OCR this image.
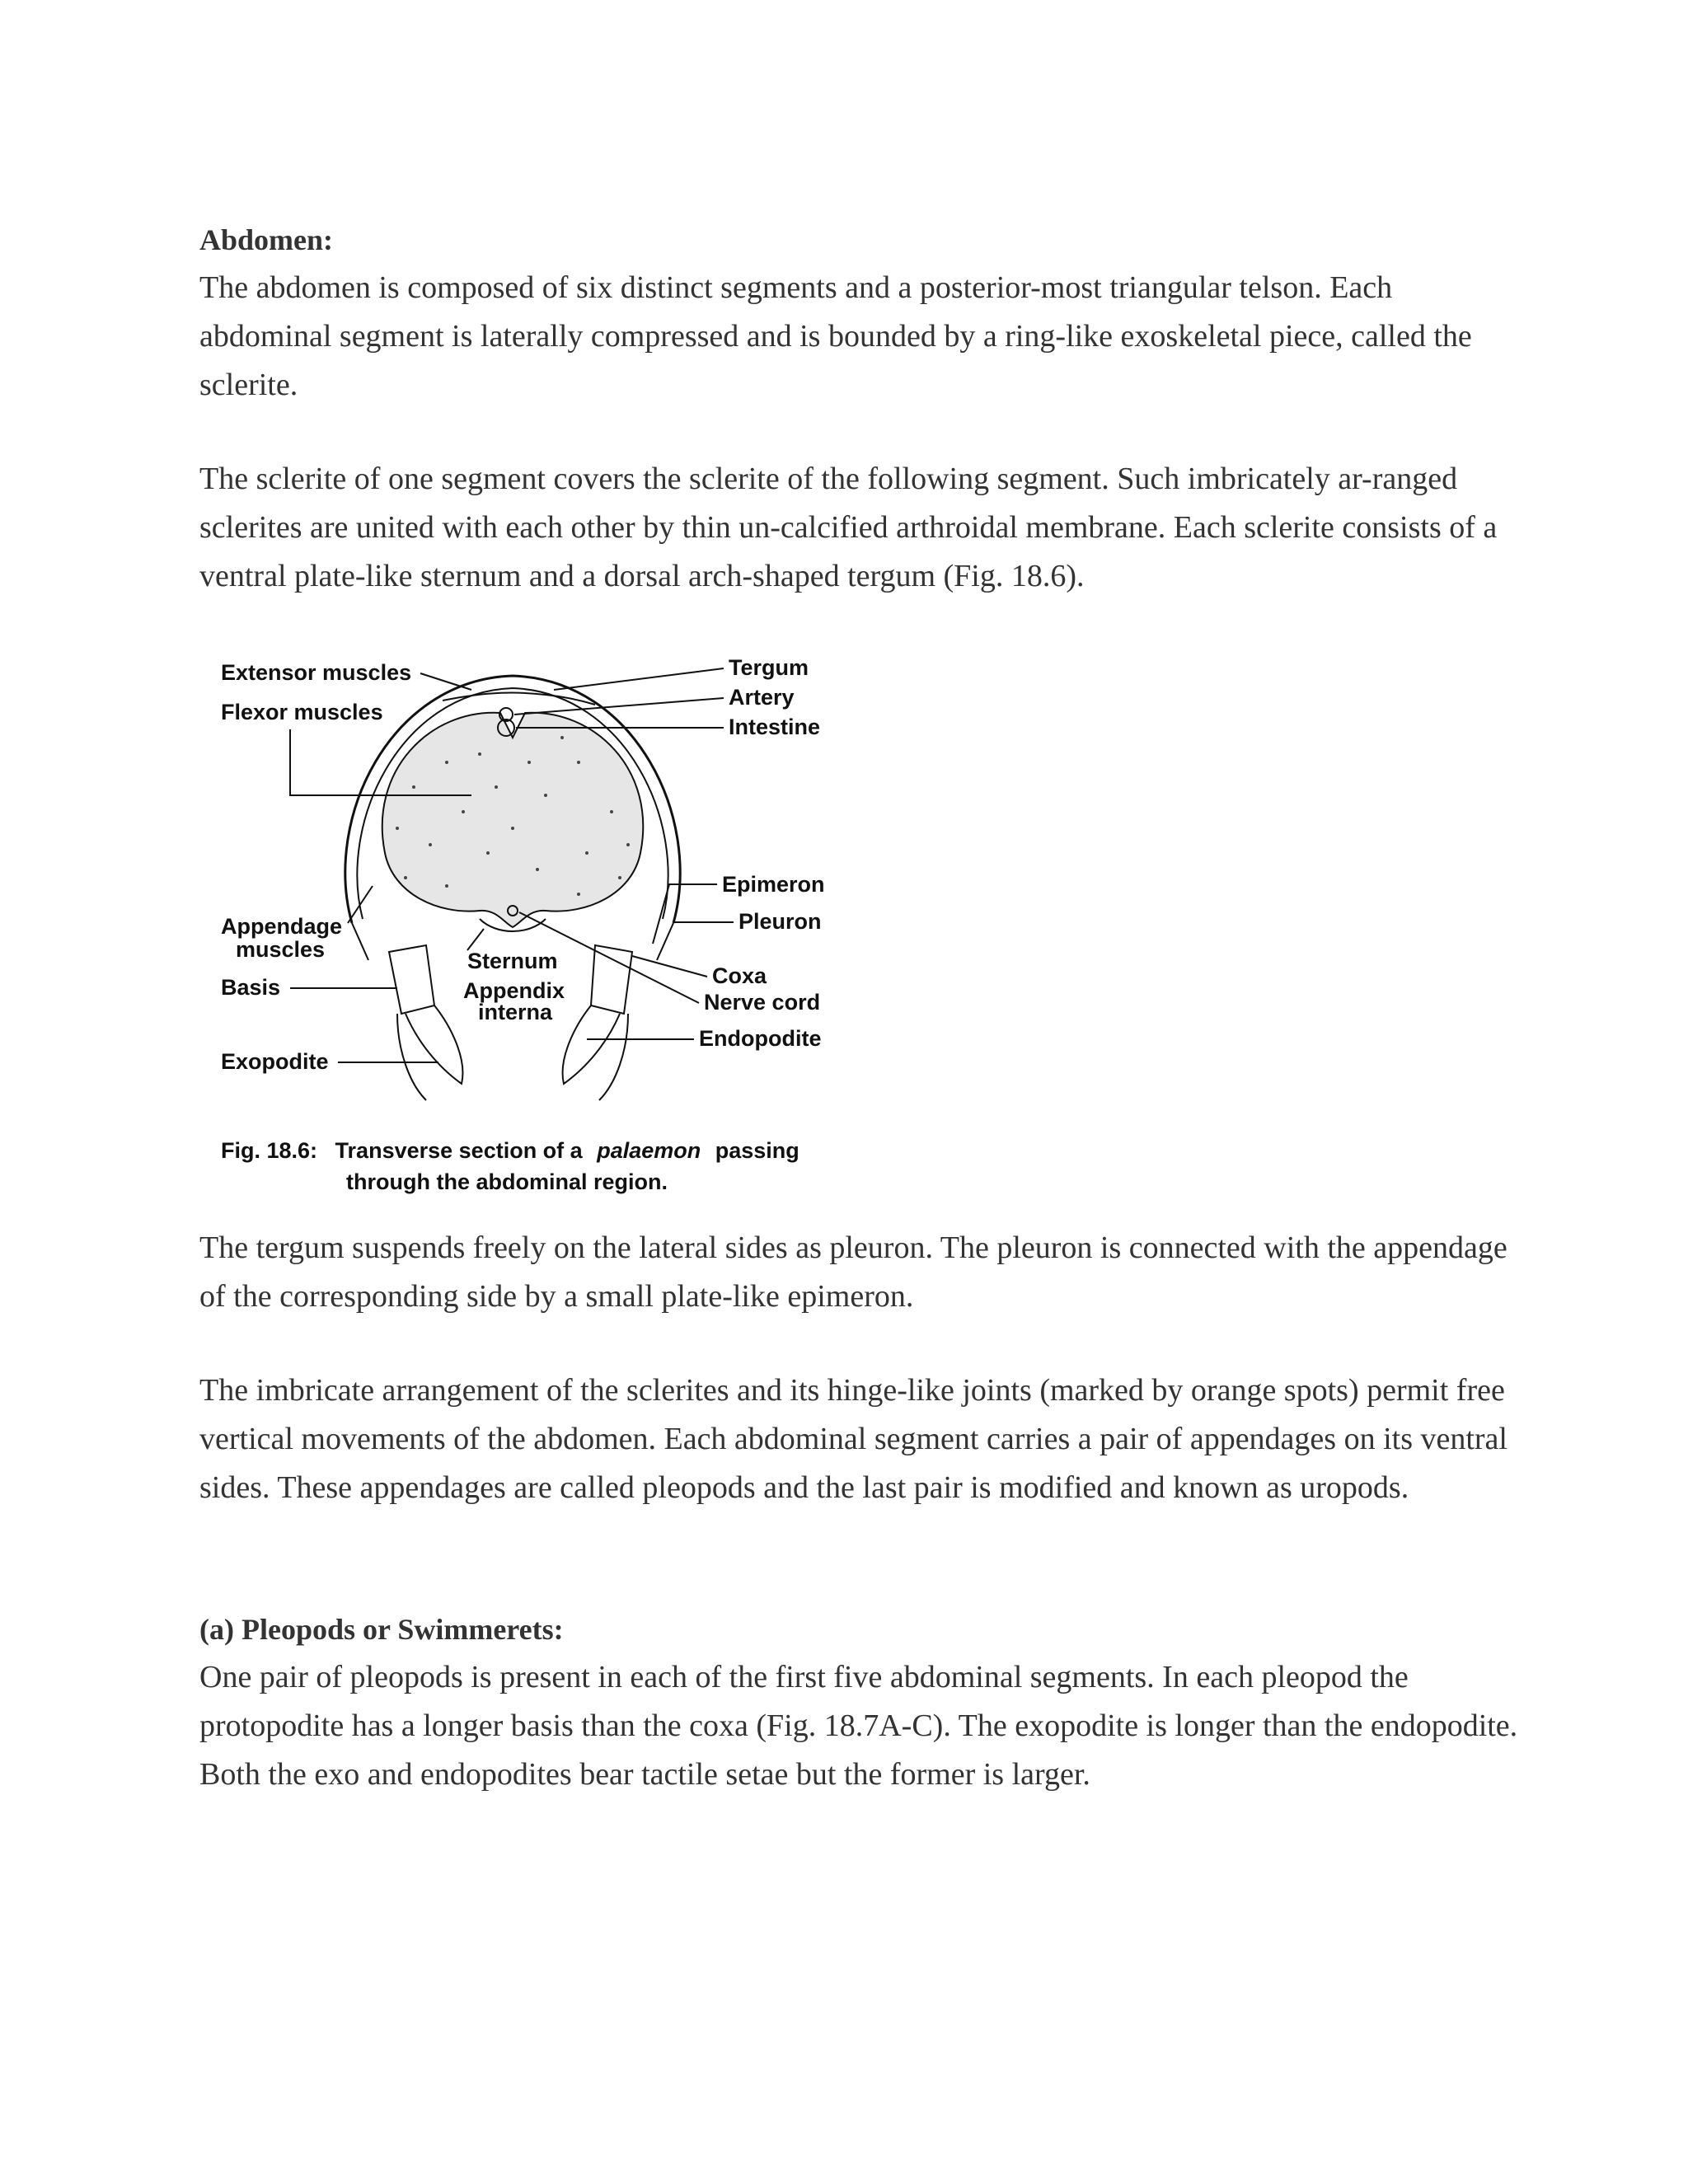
Abdomen:

The abdomen is composed of six distinct segments and a posterior-most triangular telson. Each abdominal segment is laterally compressed and is bounded by a ring-like exoskeletal piece, called the sclerite.

The sclerite of one segment covers the sclerite of the following segment. Such imbricately ar-ranged sclerites are united with each other by thin un-calcified arthroidal membrane. Each sclerite consists of a ventral plate-like sternum and a dorsal arch-shaped tergum (Fig. 18.6).

Extensor muscles
Flexor muscles
Appendage
muscles
Basis
Exopodite
Sternum
Appendix
interna
Tergum
Artery
Intestine
Epimeron
Pleuron
Coxa
Nerve cord
Endopodite
Fig. 18.6: Transverse section of a palaemon passing
through the abdominal region.

The tergum suspends freely on the lateral sides as pleuron. The pleuron is connected with the appendage of the corresponding side by a small plate-like epimeron.

The imbricate arrangement of the sclerites and its hinge-like joints (marked by orange spots) permit free vertical movements of the abdomen. Each abdominal segment carries a pair of appendages on its ventral sides. These appendages are called pleopods and the last pair is modified and known as uropods.

(a) Pleopods or Swimmerets:

One pair of pleopods is present in each of the first five abdominal segments. In each pleopod the protopodite has a longer basis than the coxa (Fig. 18.7A-C). The exopodite is longer than the endopodite. Both the exo and endopodites bear tactile setae but the former is larger.
